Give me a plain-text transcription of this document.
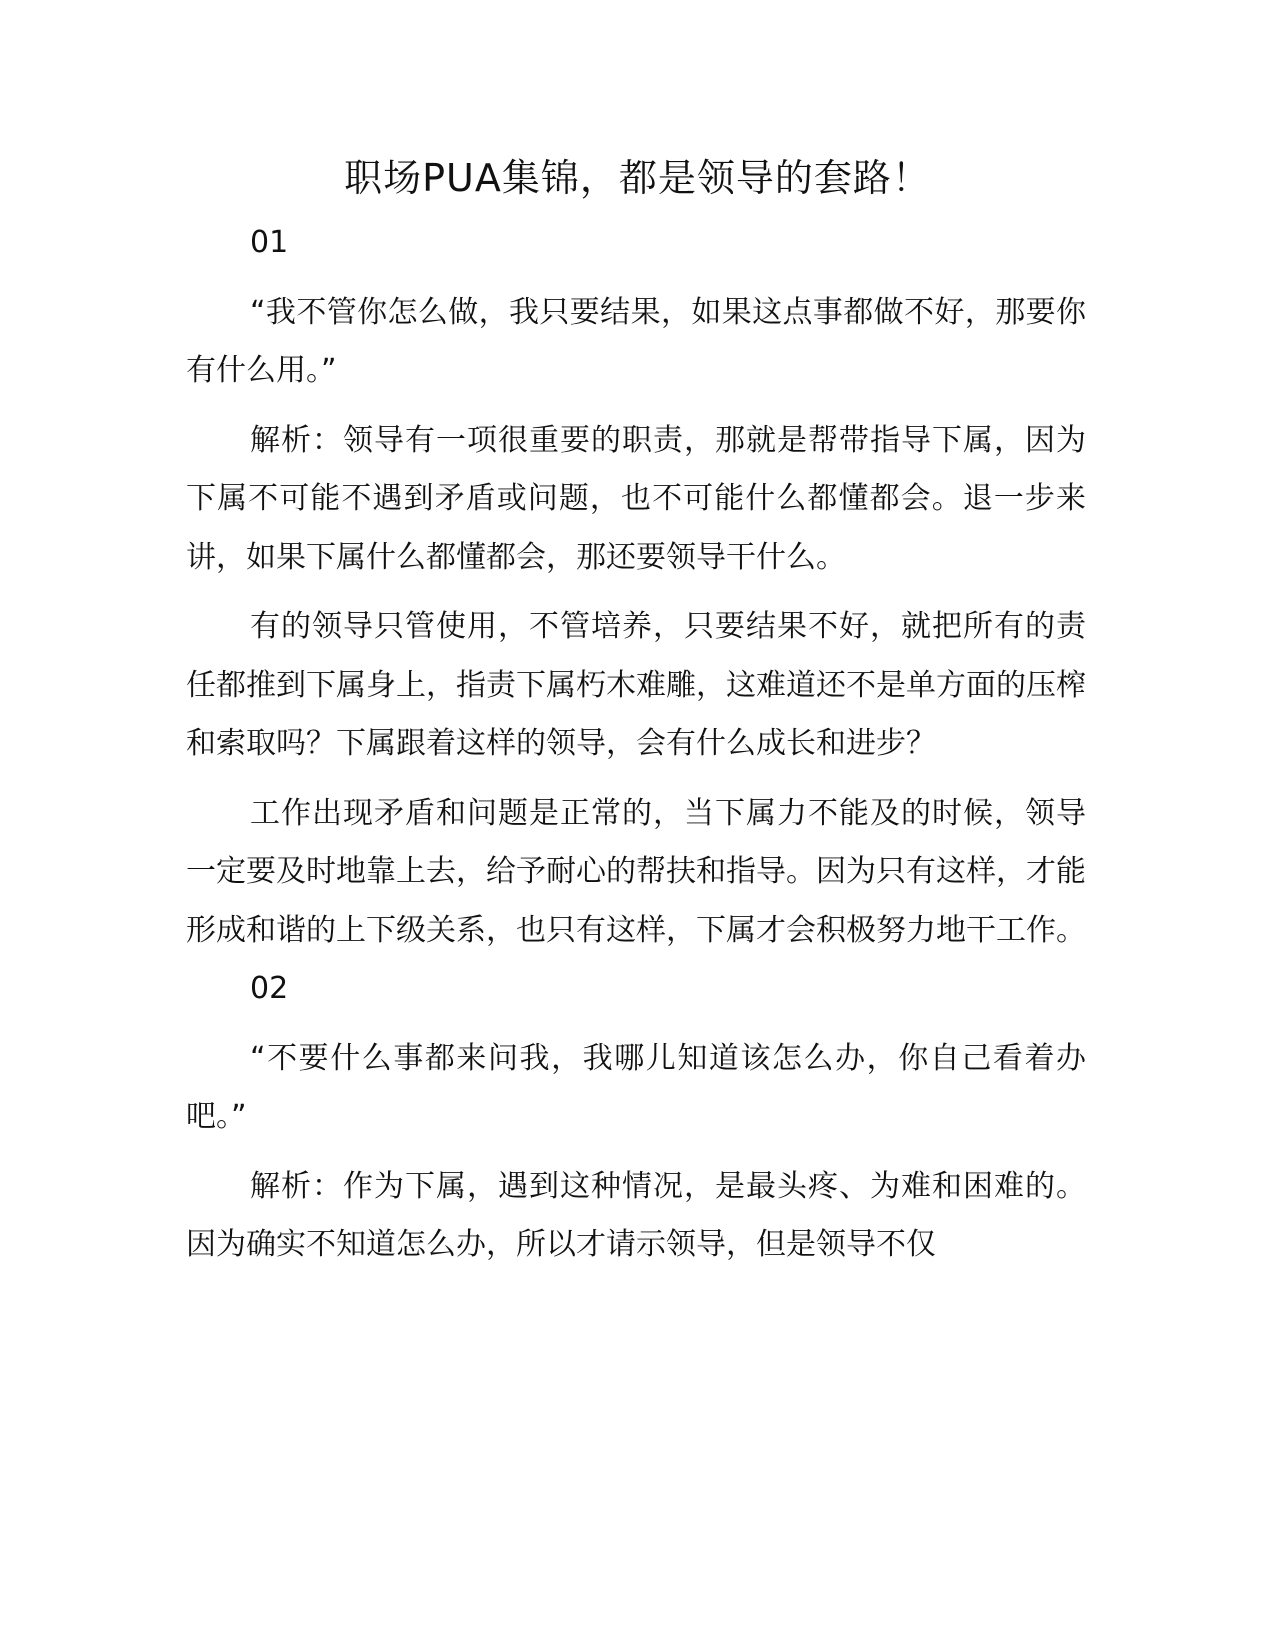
职场PUA集锦，都是领导的套路！

01

“我不管你怎么做，我只要结果，如果这点事都做不好，那要你有什么用。”

解析：领导有一项很重要的职责，那就是帮带指导下属，因为下属不可能不遇到矛盾或问题，也不可能什么都懂都会。退一步来讲，如果下属什么都懂都会，那还要领导干什么。

有的领导只管使用，不管培养，只要结果不好，就把所有的责任都推到下属身上，指责下属朽木难雕，这难道还不是单方面的压榨和索取吗？下属跟着这样的领导，会有什么成长和进步？

工作出现矛盾和问题是正常的，当下属力不能及的时候，领导一定要及时地靠上去，给予耐心的帮扶和指导。因为只有这样，才能形成和谐的上下级关系，也只有这样，下属才会积极努力地干工作。

02

“不要什么事都来问我，我哪儿知道该怎么办，你自己看着办吧。”

解析：作为下属，遇到这种情况，是最头疼、为难和困难的。因为确实不知道怎么办，所以才请示领导，但是领导不仅
